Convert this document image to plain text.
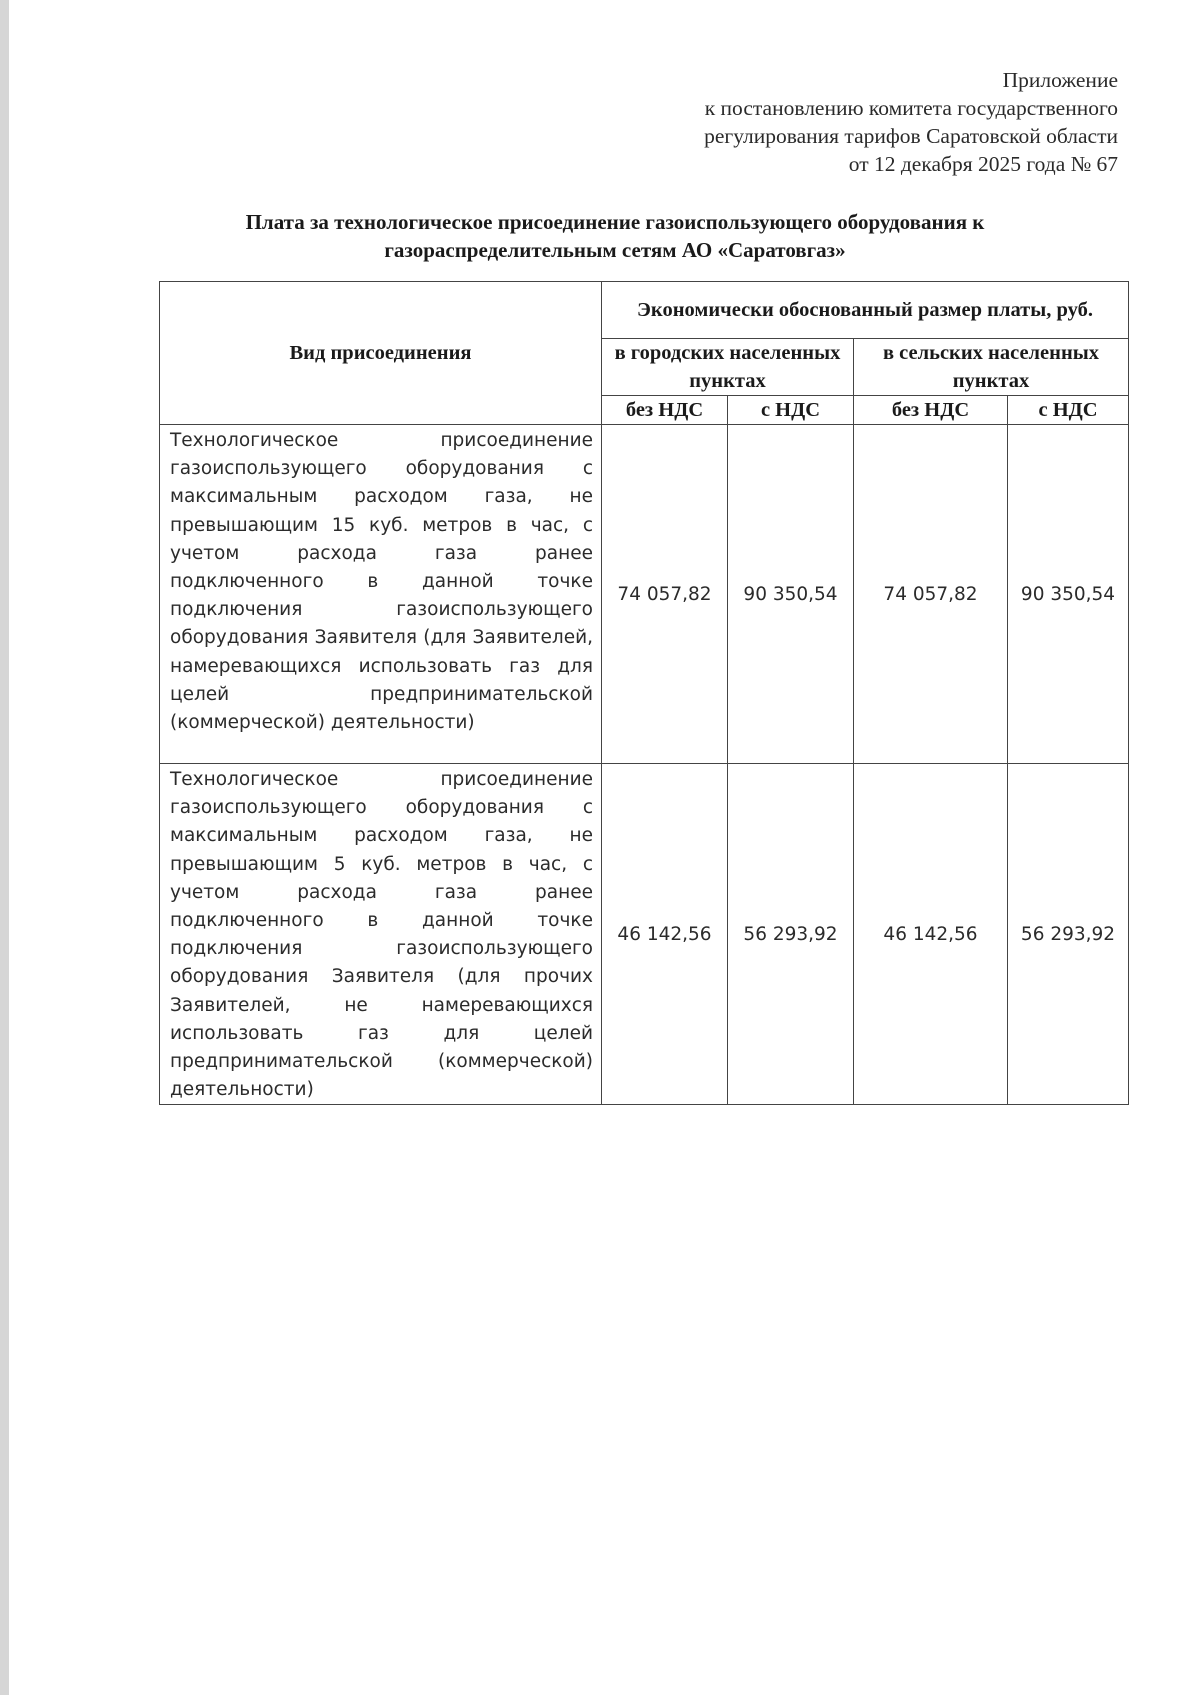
Приложение
к постановлению комитета государственного
регулирования тарифов Саратовской области
от 12 декабря 2025 года № 67
Плата за технологическое присоединение газоиспользующего оборудования к
газораспределительным сетям АО «Саратовгаз»
Вид присоединения	Экономически обоснованный размер платы, руб.			
	в городских населенных пунктах		в сельских населенных пунктах	
	без НДС	с НДС	без НДС	с НДС
Технологическое присоединение газоиспользующего оборудования с максимальным расходом газа, не превышающим 15 куб. метров в час, с учетом расхода газа ранее подключенного в данной точке подключения газоиспользующего оборудования Заявителя (для Заявителей, намеревающихся использовать газ для целей предпринимательской (коммерческой) деятельности)	74 057,82	90 350,54	74 057,82	90 350,54
Технологическое присоединение газоиспользующего оборудования с максимальным расходом газа, не превышающим 5 куб. метров в час, с учетом расхода газа ранее подключенного в данной точке подключения газоиспользующего оборудования Заявителя (для прочих Заявителей, не намеревающихся использовать газ для целей предпринимательской (коммерческой) деятельности)	46 142,56	56 293,92	46 142,56	56 293,92
